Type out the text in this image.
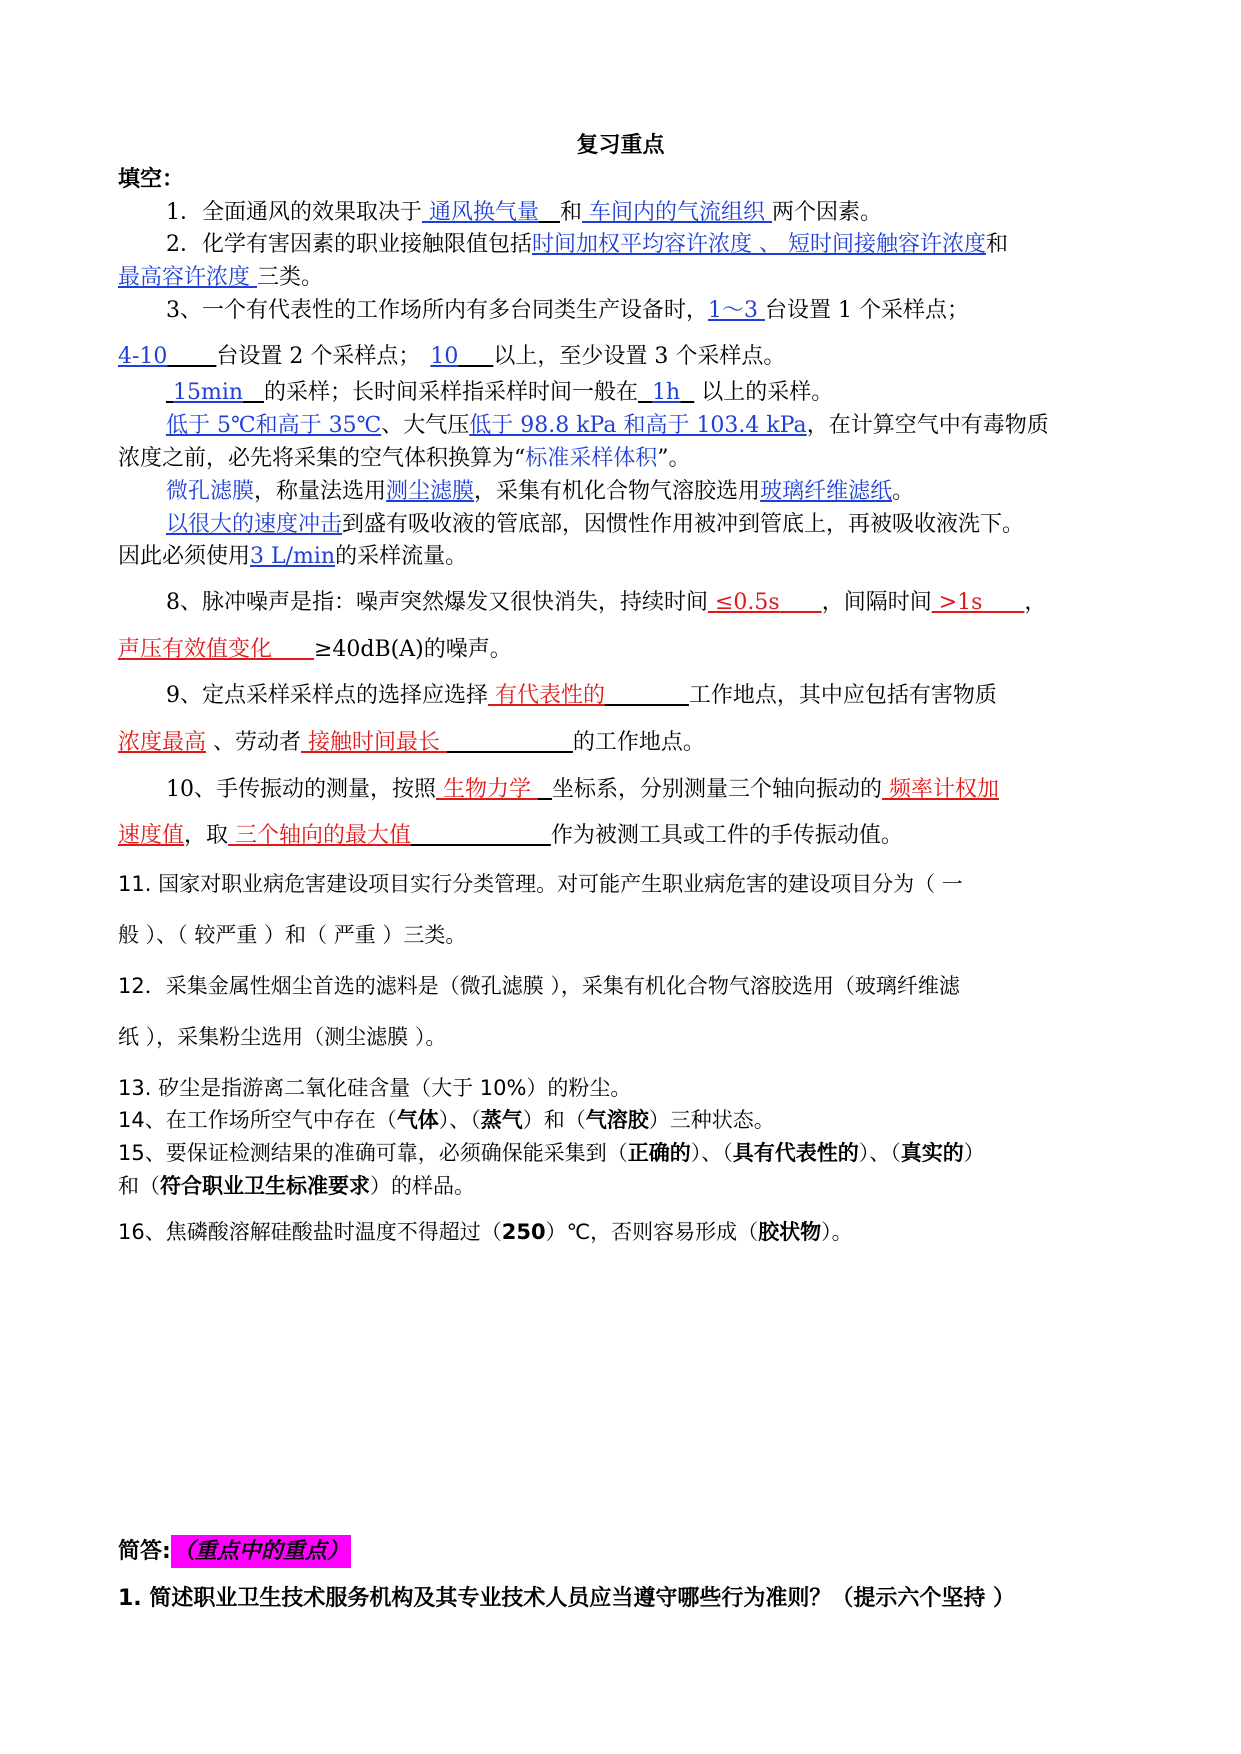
复习重点
填空：
1．全面通风的效果取决于 通风换气量 和 车间内的气流组织 两个因素。
2．化学有害因素的职业接触限值包括时间加权平均容许浓度 、 短时间接触容许浓度和
最高容许浓度 三类。
3、一个有代表性的工作场所内有多台同类生产设备时，1～3 台设置 1 个采样点；
4-10 台设置 2 个采样点； 10 以上，至少设置 3 个采样点。
15min 的采样；长时间采样指采样时间一般在 1h   以上的采样。
低于 5℃和高于 35℃、大气压低于 98.8 kPa 和高于 103.4 kPa，在计算空气中有毒物质
浓度之前，必先将采集的空气体积换算为“标准采样体积”。
微孔滤膜，称量法选用测尘滤膜，采集有机化合物气溶胶选用玻璃纤维滤纸。
以很大的速度冲击到盛有吸收液的管底部，因惯性作用被冲到管底上，再被吸收液洗下。
因此必须使用3 L/min的采样流量。
8、脉冲噪声是指：噪声突然爆发又很快消失，持续时间 ≤0.5s ，间隔时间 >1s ，
声压有效值变化 ≥40dB(A)的噪声。
9、定点采样采样点的选择应选择 有代表性的	工作地点，其中应包括有害物质
浓度最高 、劳动者 接触时间最长	的工作地点。
10、手传振动的测量，按照 生物力学   坐标系，分别测量三个轴向振动的 频率计权加
速度值，取 三个轴向的最大值	作为被测工具或工件的手传振动值。
11. 国家对职业病危害建设项目实行分类管理。对可能产生职业病危害的建设项目分为（ 一
般 ）、（ 较严重 ）和（ 严重 ）三类。
12．采集金属性烟尘首选的滤料是（微孔滤膜 ），采集有机化合物气溶胶选用（玻璃纤维滤
纸 ），采集粉尘选用（测尘滤膜 ）。
13. 矽尘是指游离二氧化硅含量（大于 10%）的粉尘。
14、在工作场所空气中存在（气体）、（蒸气）和（气溶胶）三种状态。
15、要保证检测结果的准确可靠，必须确保能采集到（正确的）、（具有代表性的）、（真实的）
和（符合职业卫生标准要求）的样品。
16、焦磷酸溶解硅酸盐时温度不得超过（250）℃，否则容易形成（胶状物）。
简答:（重点中的重点）
1. 简述职业卫生技术服务机构及其专业技术人员应当遵守哪些行为准则？（提示六个坚持 ）
